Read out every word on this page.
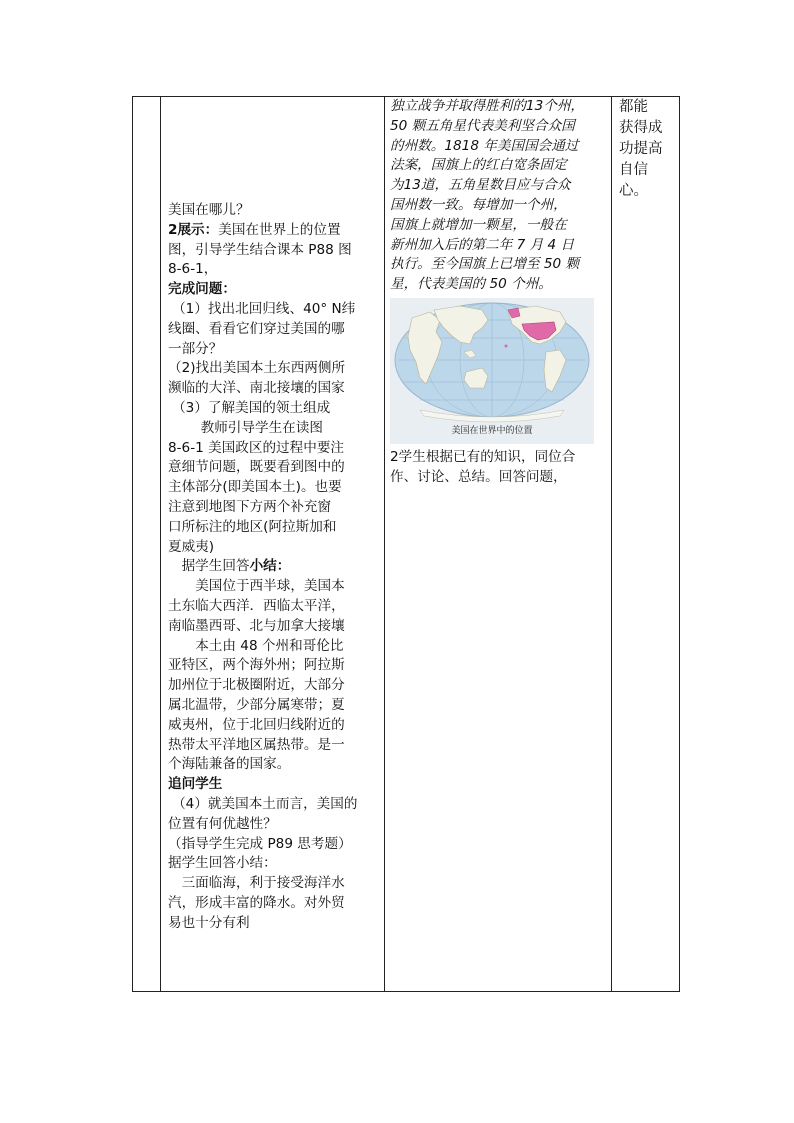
美国在哪儿？
2展示：美国在世界上的位置
图，引导学生结合课本 P88 图
8-6-1，
完成问题：
（1）找出北回归线、40° N纬
线圈、看看它们穿过美国的哪
一部分？
（2)找出美国本土东西两侧所
濒临的大洋、南北接壤的国家
（3）了解美国的领土组成
教师引导学生在读图
8-6-1 美国政区的过程中要注
意细节问题，既要看到图中的
主体部分(即美国本土)。也要
注意到地图下方两个补充窗
口所标注的地区(阿拉斯加和
夏威夷)
据学生回答小结：
美国位于西半球，美国本
土东临大西洋．西临太平洋，
南临墨西哥、北与加拿大接壤
本土由 48 个州和哥伦比
亚特区，两个海外州；阿拉斯
加州位于北极圈附近，大部分
属北温带，少部分属寒带；夏
威夷州，位于北回归线附近的
热带太平洋地区属热带。是一
个海陆兼备的国家。
追问学生
（4）就美国本土而言，美国的
位置有何优越性？
（指导学生完成 P89 思考题）
据学生回答小结：
三面临海，利于接受海洋水
汽，形成丰富的降水。对外贸
易也十分有利
独立战争并取得胜利的13个州，
50 颗五角星代表美利坚合众国
的州数。1818 年美国国会通过
法案，国旗上的红白宽条固定
为13道，五角星数目应与合众
国州数一致。每增加一个州，
国旗上就增加一颗星，一般在
新州加入后的第二年 7 月 4 日
执行。至今国旗上已增至 50 颗
星，代表美国的 50 个州。
美国在世界中的位置
2学生根据已有的知识，同位合
作、讨论、总结。回答问题，
都能
获得成
功提高
自信
心。
